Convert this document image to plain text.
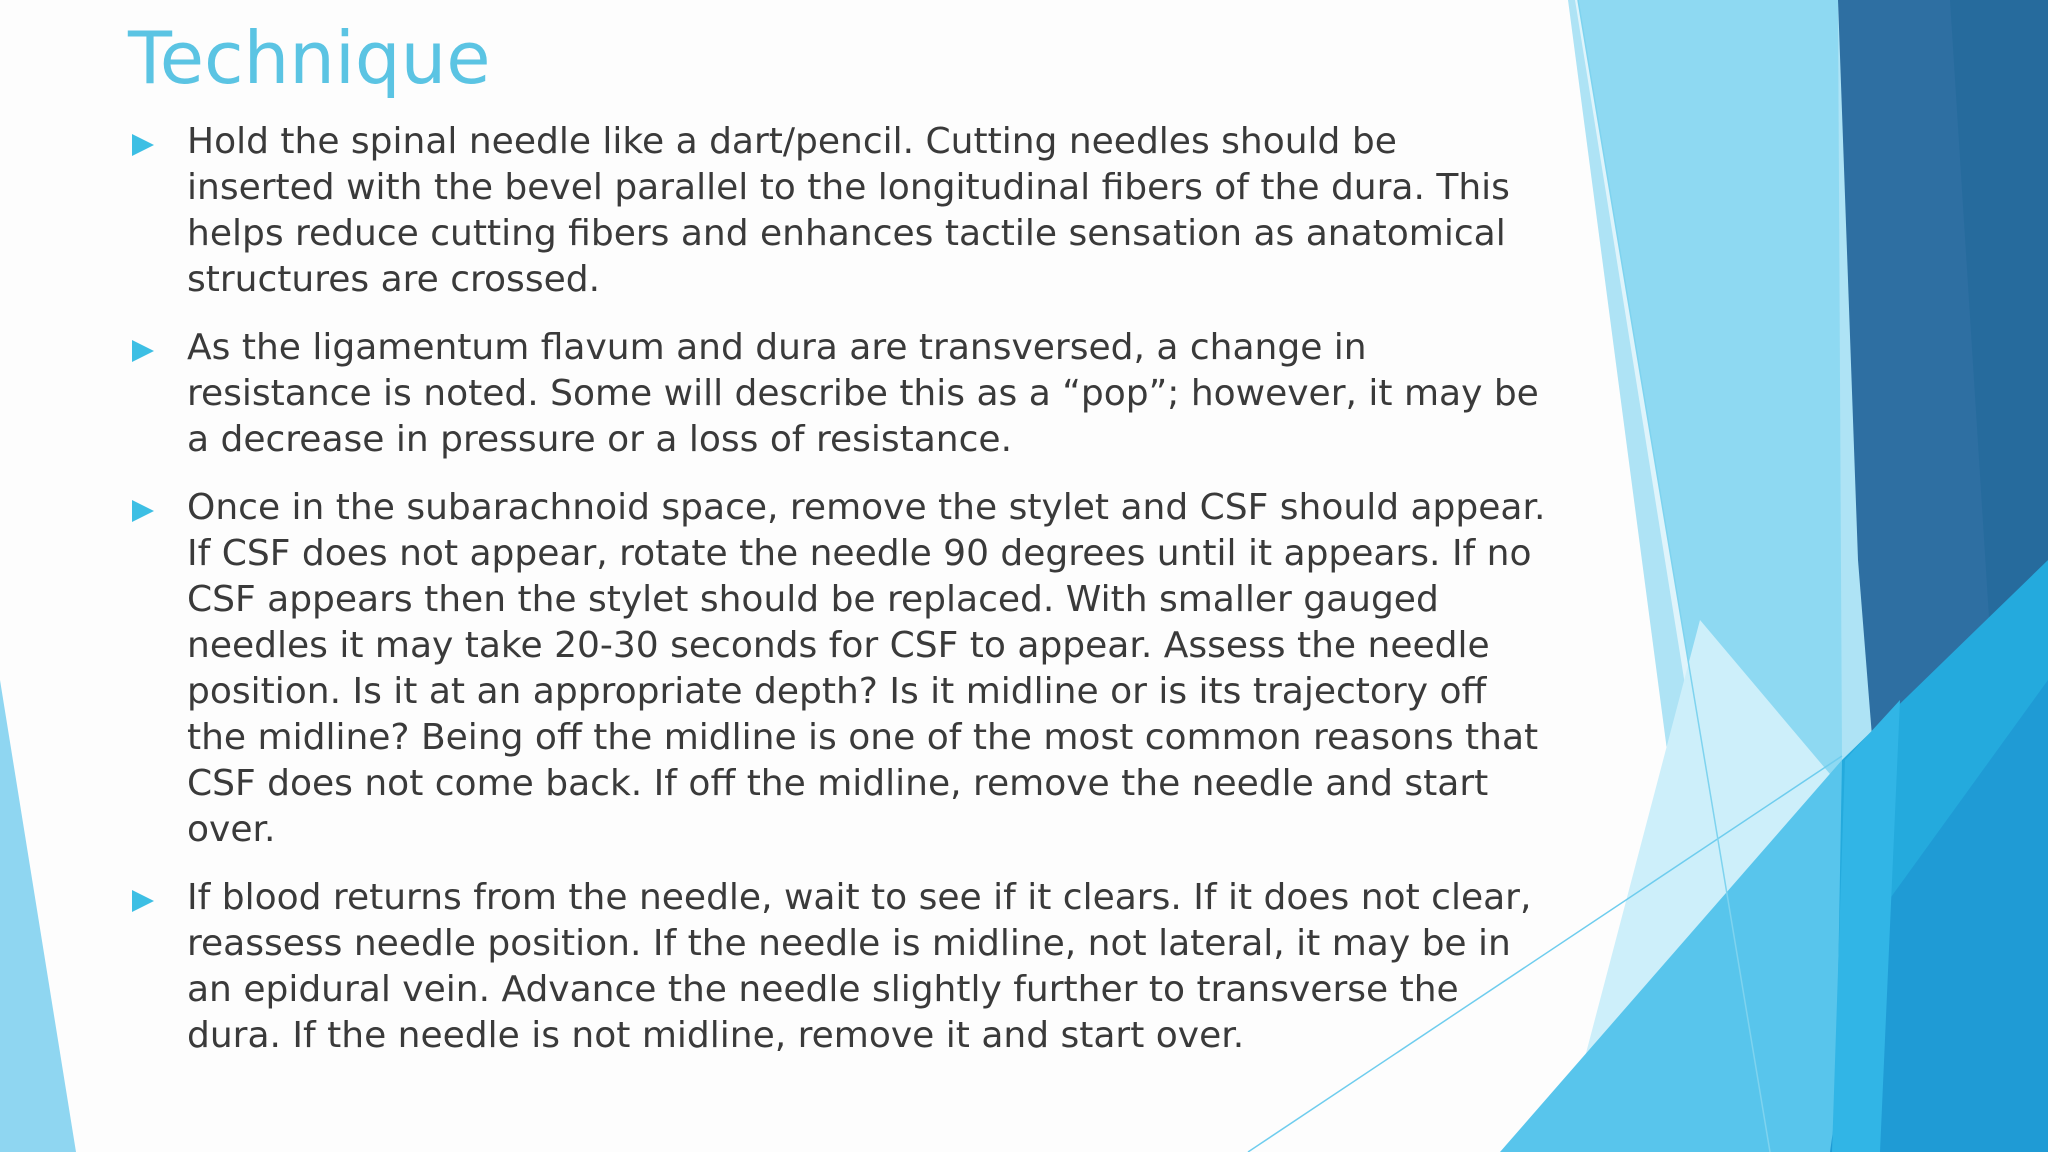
Technique
Hold the spinal needle like a dart/pencil. Cutting needles should be inserted with the bevel parallel to the longitudinal fibers of the dura. This helps reduce cutting fibers and enhances tactile sensation as anatomical structures are crossed.
As the ligamentum flavum and dura are transversed, a change in resistance is noted. Some will describe this as a “pop”; however, it may be a decrease in pressure or a loss of resistance.
Once in the subarachnoid space, remove the stylet and CSF should appear. If CSF does not appear, rotate the needle 90 degrees until it appears. If no CSF appears then the stylet should be replaced. With smaller gauged needles it may take 20-30 seconds for CSF to appear. Assess the needle position. Is it at an appropriate depth? Is it midline or is its trajectory off the midline? Being off the midline is one of the most common reasons that CSF does not come back. If off the midline, remove the needle and start over.
If blood returns from the needle, wait to see if it clears. If it does not clear, reassess needle position. If the needle is midline, not lateral, it may be in an epidural vein. Advance the needle slightly further to transverse the dura. If the needle is not midline, remove it and start over.
